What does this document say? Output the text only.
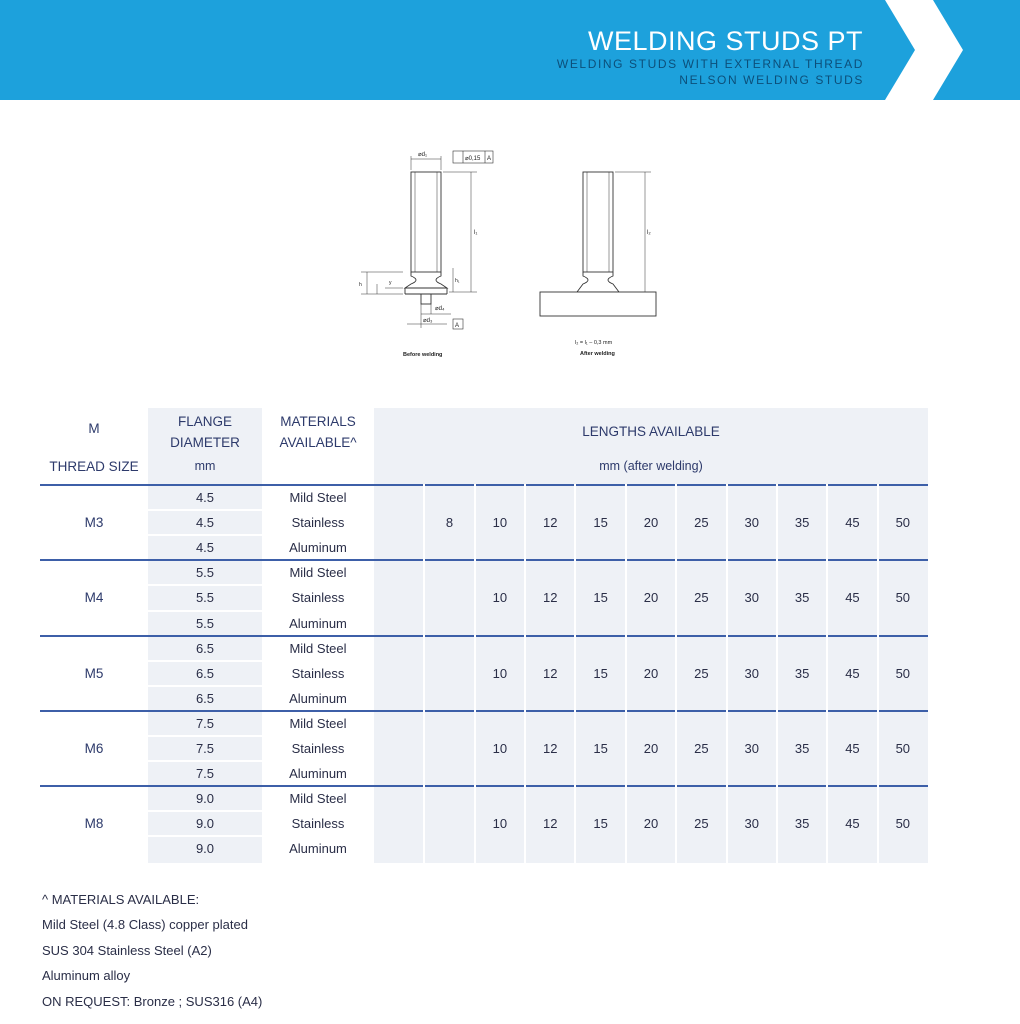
WELDING STUDS PT
WELDING STUDS WITH EXTERNAL THREAD
NELSON WELDING STUDS
⌀d₁
⌀0,15 A
l₁
h₁
h	y
⌀d₄
⌀d₃
A
Before welding
l₂
l₂ = l₁ – 0,3 mm
After welding
M
THREAD SIZE
FLANGE
DIAMETER
mm
MATERIALS
AVAILABLE^
LENGTHS AVAILABLE
mm (after welding)
M3
4.5	Mild Steel
4.5	Stainless
4.5	Aluminum
8	10	12	15	20	25	30	35	45	50
M4
5.5	Mild Steel
5.5	Stainless
5.5	Aluminum
10	12	15	20	25	30	35	45	50
M5
6.5	Mild Steel
6.5	Stainless
6.5	Aluminum
10	12	15	20	25	30	35	45	50
M6
7.5	Mild Steel
7.5	Stainless
7.5	Aluminum
10	12	15	20	25	30	35	45	50
M8
9.0	Mild Steel
9.0	Stainless
9.0	Aluminum
10	12	15	20	25	30	35	45	50
^ MATERIALS AVAILABLE:
Mild Steel (4.8 Class) copper plated
SUS 304 Stainless Steel (A2)
Aluminum alloy
ON REQUEST: Bronze ; SUS316 (A4)
